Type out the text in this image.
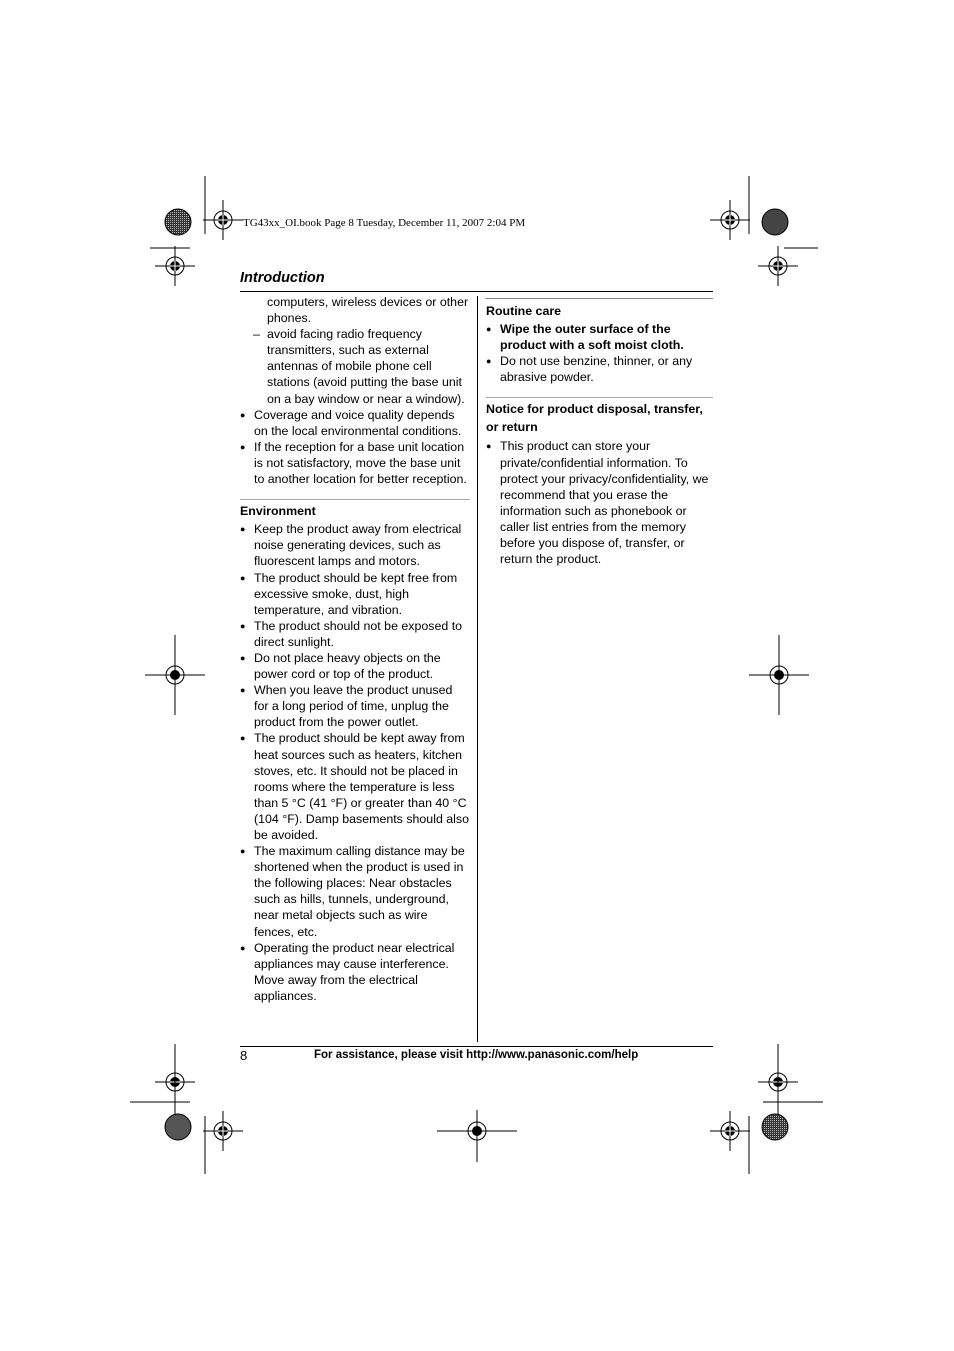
TG43xx_OI.book Page 8 Tuesday, December 11, 2007 2:04 PM
Introduction

computers, wireless devices or other phones.

– avoid facing radio frequency transmitters, such as external antennas of mobile phone cell stations (avoid putting the base unit on a bay window or near a window).

● Coverage and voice quality depends on the local environmental conditions.

● If the reception for a base unit location is not satisfactory, move the base unit to another location for better reception.

Environment

● Keep the product away from electrical noise generating devices, such as fluorescent lamps and motors.

● The product should be kept free from excessive smoke, dust, high temperature, and vibration.

● The product should not be exposed to direct sunlight.

● Do not place heavy objects on the power cord or top of the product.

● When you leave the product unused for a long period of time, unplug the product from the power outlet.

● The product should be kept away from heat sources such as heaters, kitchen stoves, etc. It should not be placed in rooms where the temperature is less than 5 °C (41 °F) or greater than 40 °C (104 °F). Damp basements should also be avoided.

● The maximum calling distance may be shortened when the product is used in the following places: Near obstacles such as hills, tunnels, underground, near metal objects such as wire fences, etc.

● Operating the product near electrical appliances may cause interference. Move away from the electrical appliances.

Routine care

● Wipe the outer surface of the product with a soft moist cloth.

● Do not use benzine, thinner, or any abrasive powder.

Notice for product disposal, transfer, or return

● This product can store your private/confidential information. To protect your privacy/confidentiality, we recommend that you erase the information such as phonebook or caller list entries from the memory before you dispose of, transfer, or return the product.

8	For assistance, please visit http://www.panasonic.com/help
